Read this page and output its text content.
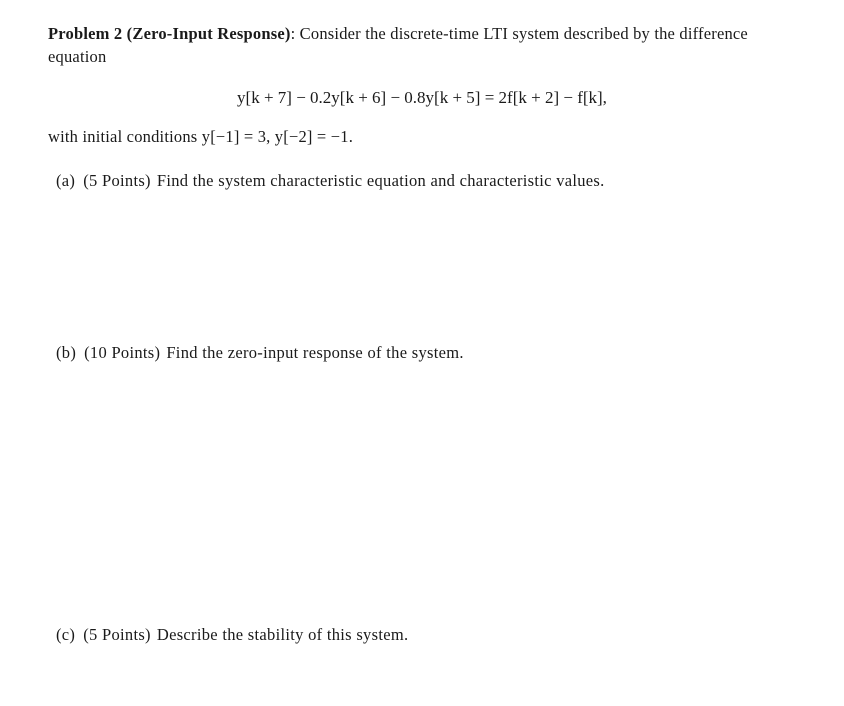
Problem 2 (Zero-Input Response): Consider the discrete-time LTI system described by the difference equation
y[k + 7] − 0.2y[k + 6] − 0.8y[k + 5] = 2f[k + 2] − f[k],
with initial conditions y[−1] = 3, y[−2] = −1.
(a) (5 Points) Find the system characteristic equation and characteristic values.
(b) (10 Points) Find the zero-input response of the system.
(c) (5 Points) Describe the stability of this system.
